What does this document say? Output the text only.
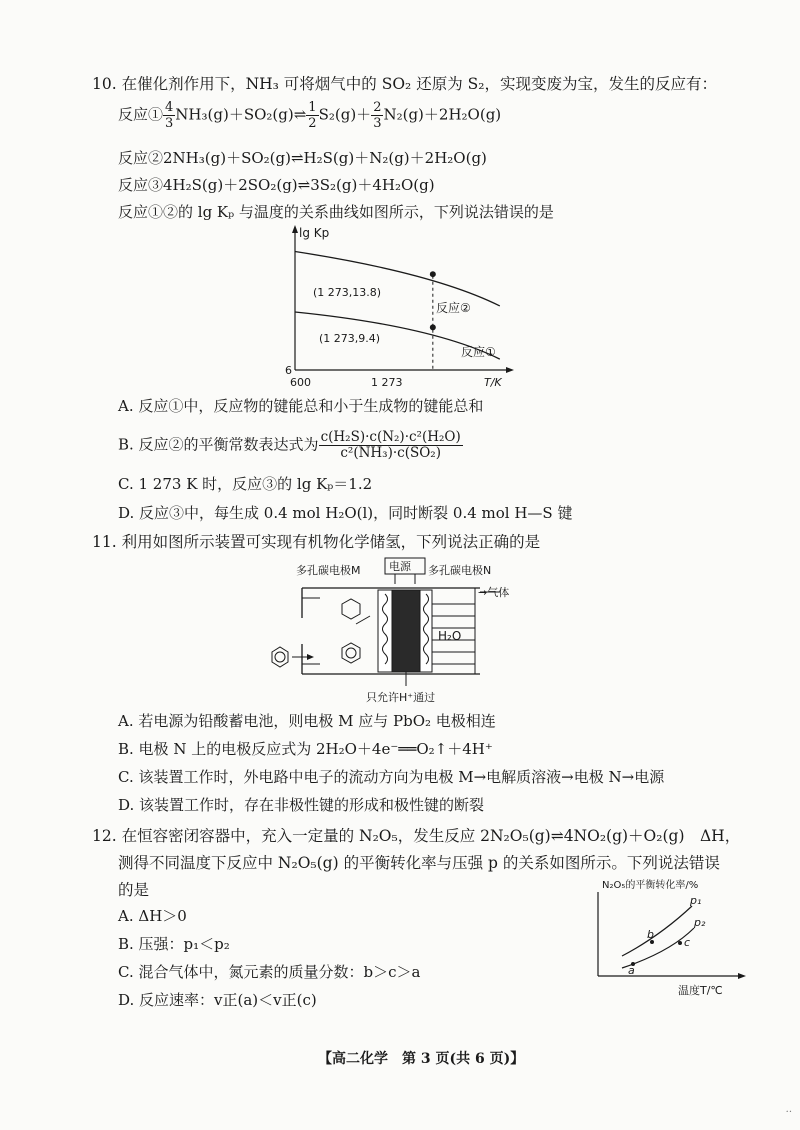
10. 在催化剂作用下，NH₃ 可将烟气中的 SO₂ 还原为 S₂，实现变废为宝，发生的反应有：
反应① $\frac{4}{3}$ NH₃(g)＋SO₂(g)⇌ $\frac{1}{2} S_2(g)+ \frac{2}{3} N_2(g)+2H_2O(g)$
反应②2NH₃(g)＋SO₂(g)⇌H₂S(g)＋N₂(g)＋2H₂O(g)
反应③4H₂S(g)＋2SO₂(g)⇌3S₂(g)＋4H₂O(g)
反应①②的 lg Kₚ 与温度的关系曲线如图所示，下列说法错误的是
lg Kp
6
600	1 273	T/K
(1 273,13.8)
(1 273,9.4)
反应②
反应①
A. 反应①中，反应物的键能总和小于生成物的键能总和
B. 反应②的平衡常数表达式为 $\frac{\text{c(H₂S)·c(N₂)·c²(H₂O)}}{\text{c²(NH₃)·c(SO₂)}}$
C. 1 273 K 时，反应③的 lg Kₚ＝1.2
D. 反应③中，每生成 0.4 mol H₂O(l)，同时断裂 0.4 mol H—S 键
11. 利用如图所示装置可实现有机物化学储氢，下列说法正确的是
多孔碳电极M	电源 多孔碳电极N
H₂O
→气体
只允许H⁺通过
A. 若电源为铅酸蓄电池，则电极 M 应与 PbO₂ 电极相连
B. 电极 N 上的电极反应式为 2H₂O＋4e⁻══O₂↑＋4H⁺
C. 该装置工作时，外电路中电子的流动方向为电极 M→电解质溶液→电极 N→电源
D. 该装置工作时，存在非极性键的形成和极性键的断裂
12. 在恒容密闭容器中，充入一定量的 N₂O₅，发生反应 2N₂O₅(g)⇌4NO₂(g)＋O₂(g)　ΔH，
测得不同温度下反应中 N₂O₅(g) 的平衡转化率与压强 p 的关系如图所示。下列说法错误
的是
A. ΔH＞0
B. 压强：p₁＜p₂
C. 混合气体中，氮元素的质量分数：b＞c＞a
D. 反应速率：v正(a)＜v正(c)
N₂O₅的平衡转化率/%
温度T/℃
b
a
c
p₁
p₂
【高二化学　第 3 页(共 6 页)】
··
